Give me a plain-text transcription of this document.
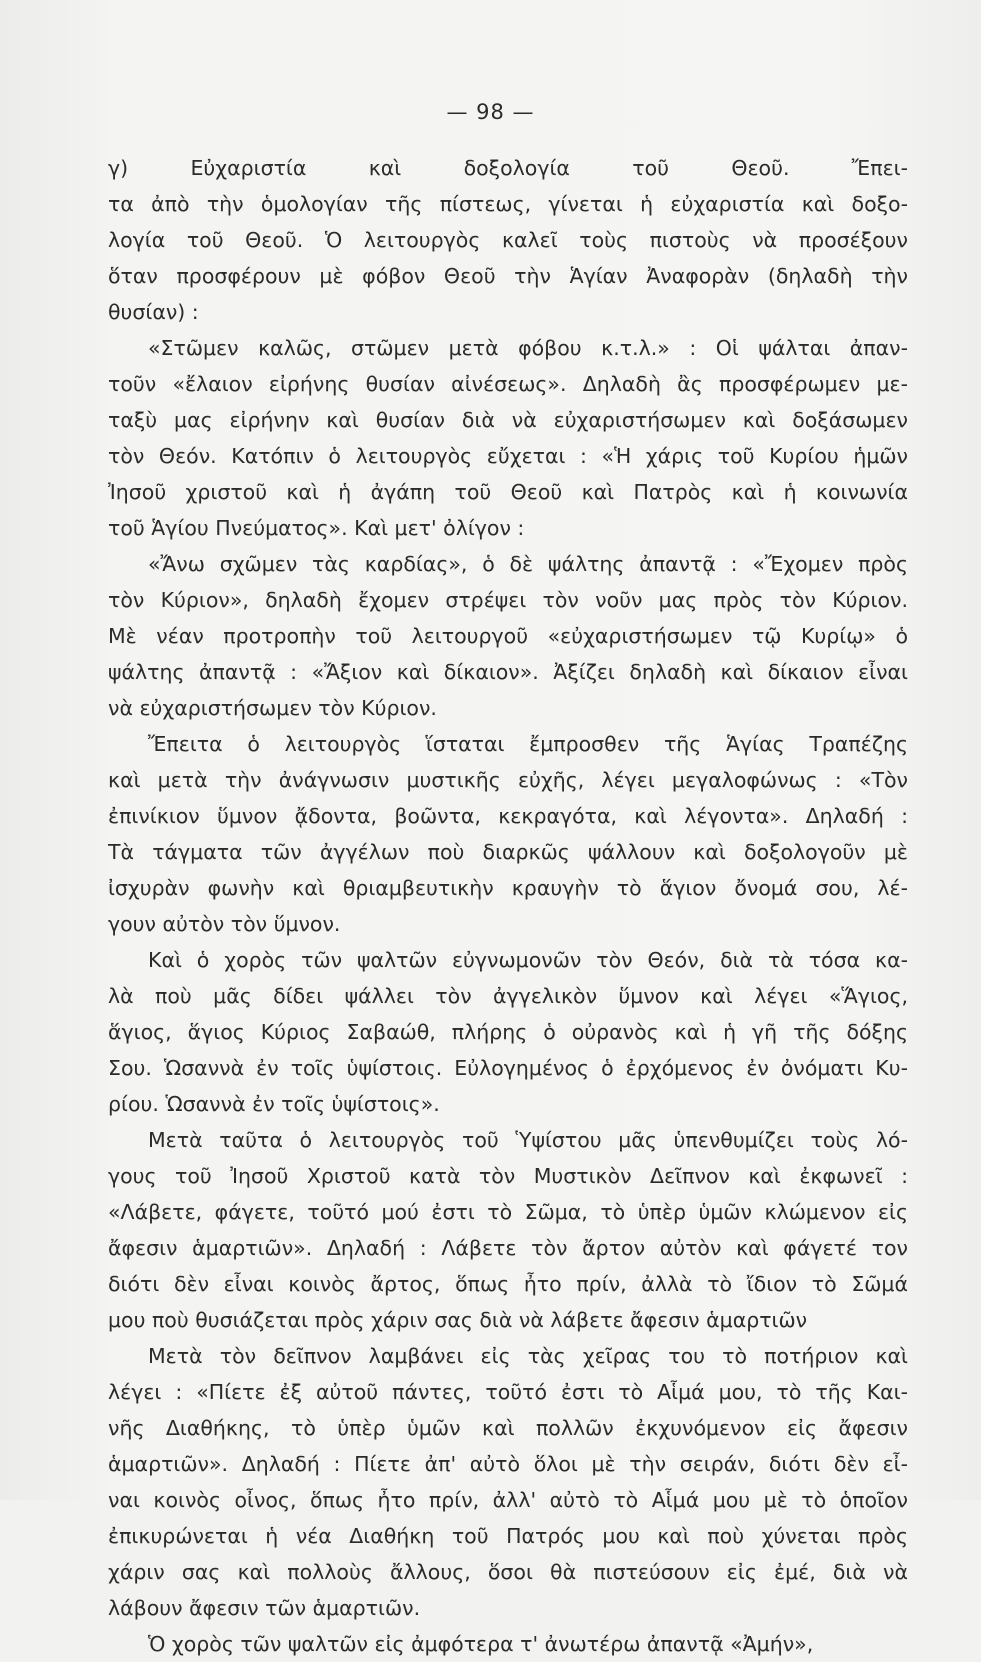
— 98 —
γ) Εὐχαριστία καὶ δοξολογία τοῦ Θεοῦ. Ἔπει-
τα ἀπὸ τὴν ὁμολογίαν τῆς πίστεως, γίνεται ἡ εὐχαριστία καὶ δοξο-
λογία τοῦ Θεοῦ. Ὁ λειτουργὸς καλεῖ τοὺς πιστοὺς νὰ προσέξουν
ὅταν προσφέρουν μὲ φόβον Θεοῦ τὴν Ἁγίαν Ἀναφορὰν (δηλαδὴ τὴν
θυσίαν) :
«Στῶμεν καλῶς, στῶμεν μετὰ φόβου κ.τ.λ.» : Οἱ ψάλται ἀπαν-
τοῦν «ἔλαιον εἰρήνης θυσίαν αἰνέσεως». Δηλαδὴ ἂς προσφέρωμεν με-
ταξὺ μας εἰρήνην καὶ θυσίαν διὰ νὰ εὐχαριστήσωμεν καὶ δοξάσωμεν
τὸν Θεόν. Κατόπιν ὁ λειτουργὸς εὔχεται : «Ἡ χάρις τοῦ Κυρίου ἡμῶν
Ἰησοῦ χριστοῦ καὶ ἡ ἀγάπη τοῦ Θεοῦ καὶ Πατρὸς καὶ ἡ κοινωνία
τοῦ Ἁγίου Πνεύματος». Καὶ μετ' ὀλίγον :
«Ἄνω σχῶμεν τὰς καρδίας», ὁ δὲ ψάλτης ἀπαντᾷ : «Ἔχομεν πρὸς
τὸν Κύριον», δηλαδὴ ἔχομεν στρέψει τὸν νοῦν μας πρὸς τὸν Κύριον.
Μὲ νέαν προτροπὴν τοῦ λειτουργοῦ «εὐχαριστήσωμεν τῷ Κυρίῳ» ὁ
ψάλτης ἀπαντᾷ : «Ἄξιον καὶ δίκαιον». Ἀξίζει δηλαδὴ καὶ δίκαιον εἶναι
νὰ εὐχαριστήσωμεν τὸν Κύριον.
Ἔπειτα ὁ λειτουργὸς ἵσταται ἔμπροσθεν τῆς Ἁγίας Τραπέζης
καὶ μετὰ τὴν ἀνάγνωσιν μυστικῆς εὐχῆς, λέγει μεγαλοφώνως : «Τὸν
ἐπινίκιον ὕμνον ᾄδοντα, βοῶντα, κεκραγότα, καὶ λέγοντα». Δηλαδή :
Τὰ τάγματα τῶν ἀγγέλων ποὺ διαρκῶς ψάλλουν καὶ δοξολογοῦν μὲ
ἰσχυρὰν φωνὴν καὶ θριαμβευτικὴν κραυγὴν τὸ ἅγιον ὄνομά σου, λέ-
γουν αὐτὸν τὸν ὕμνον.
Καὶ ὁ χορὸς τῶν ψαλτῶν εὐγνωμονῶν τὸν Θεόν, διὰ τὰ τόσα κα-
λὰ ποὺ μᾶς δίδει ψάλλει τὸν ἀγγελικὸν ὕμνον καὶ λέγει «Ἅγιος,
ἅγιος, ἅγιος Κύριος Σαβαώθ, πλήρης ὁ οὐρανὸς καὶ ἡ γῆ τῆς δόξης
Σου. Ὡσαννὰ ἐν τοῖς ὑψίστοις. Εὐλογημένος ὁ ἐρχόμενος ἐν ὀνόματι Κυ-
ρίου. Ὡσαννὰ ἐν τοῖς ὑψίστοις».
Μετὰ ταῦτα ὁ λειτουργὸς τοῦ Ὑψίστου μᾶς ὑπενθυμίζει τοὺς λό-
γους τοῦ Ἰησοῦ Χριστοῦ κατὰ τὸν Μυστικὸν Δεῖπνον καὶ ἐκφωνεῖ :
«Λάβετε, φάγετε, τοῦτό μού ἐστι τὸ Σῶμα, τὸ ὑπὲρ ὑμῶν κλώμενον εἰς
ἄφεσιν ἁμαρτιῶν». Δηλαδή : Λάβετε τὸν ἄρτον αὐτὸν καὶ φάγετέ τον
διότι δὲν εἶναι κοινὸς ἄρτος, ὅπως ἦτο πρίν, ἀλλὰ τὸ ἴδιον τὸ Σῶμά
μου ποὺ θυσιάζεται πρὸς χάριν σας διὰ νὰ λάβετε ἄφεσιν ἁμαρτιῶν
Μετὰ τὸν δεῖπνον λαμβάνει εἰς τὰς χεῖρας του τὸ ποτήριον καὶ
λέγει : «Πίετε ἐξ αὐτοῦ πάντες, τοῦτό ἐστι τὸ Αἷμά μου, τὸ τῆς Και-
νῆς Διαθήκης, τὸ ὑπὲρ ὑμῶν καὶ πολλῶν ἐκχυνόμενον εἰς ἄφεσιν
ἁμαρτιῶν». Δηλαδή : Πίετε ἀπ' αὐτὸ ὅλοι μὲ τὴν σειράν, διότι δὲν εἶ-
ναι κοινὸς οἶνος, ὅπως ἦτο πρίν, ἀλλ' αὐτὸ τὸ Αἷμά μου μὲ τὸ ὁποῖον
ἐπικυρώνεται ἡ νέα Διαθήκη τοῦ Πατρός μου καὶ ποὺ χύνεται πρὸς
χάριν σας καὶ πολλοὺς ἄλλους, ὅσοι θὰ πιστεύσουν εἰς ἐμέ, διὰ νὰ
λάβουν ἄφεσιν τῶν ἁμαρτιῶν.
Ὁ χορὸς τῶν ψαλτῶν εἰς ἀμφότερα τ' ἀνωτέρω ἀπαντᾷ «Ἀμήν»,
